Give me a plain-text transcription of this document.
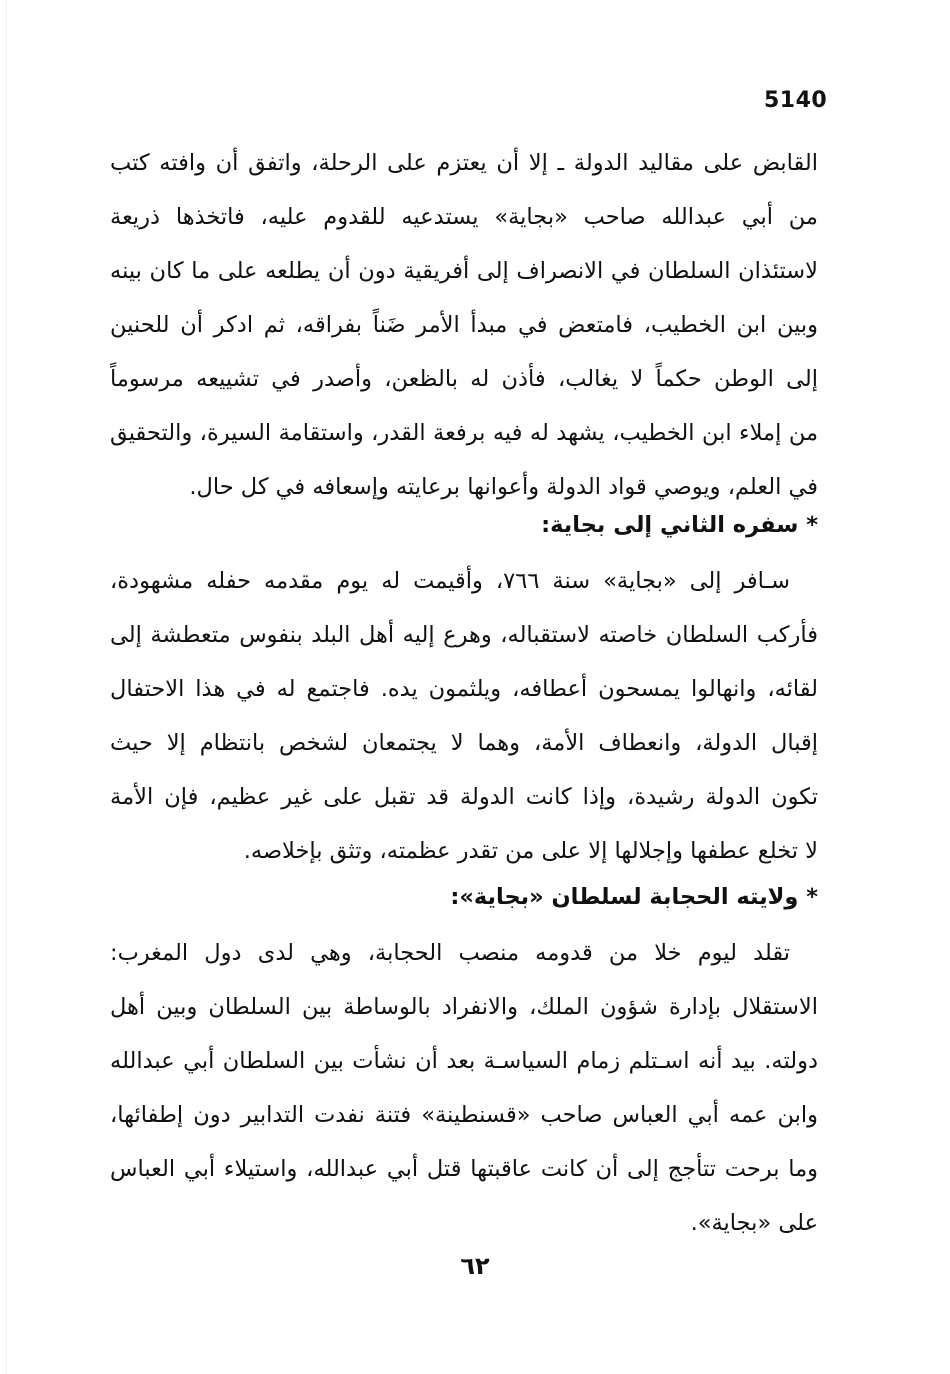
5140
القابض على مقاليد الدولة ـ إلا أن يعتزم على الرحلة، واتفق أن وافته كتب
من أبي عبدالله صاحب «بجاية» يستدعيه للقدوم عليه، فاتخذها ذريعة
لاستئذان السلطان في الانصراف إلى أفريقية دون أن يطلعه على ما كان بينه
وبين ابن الخطيب، فامتعض في مبدأ الأمر ضَناً بفراقه، ثم ادكر أن للحنين
إلى الوطن حكماً لا يغالب، فأذن له بالظعن، وأصدر في تشييعه مرسوماً
من إملاء ابن الخطيب، يشهد له فيه برفعة القدر، واستقامة السيرة، والتحقيق
في العلم، ويوصي قواد الدولة وأعوانها برعايته وإسعافه في كل حال.
* سفره الثاني إلى بجاية:
سـافر إلى «بجاية» سنة ٧٦٦، وأقيمت له يوم مقدمه حفله مشهودة،
فأركب السلطان خاصته لاستقباله، وهرع إليه أهل البلد بنفوس متعطشة إلى
لقائه، وانهالوا يمسحون أعطافه، ويلثمون يده. فاجتمع له في هذا الاحتفال
إقبال الدولة، وانعطاف الأمة، وهما لا يجتمعان لشخص بانتظام إلا حيث
تكون الدولة رشيدة، وإذا كانت الدولة قد تقبل على غير عظيم، فإن الأمة
لا تخلع عطفها وإجلالها إلا على من تقدر عظمته، وتثق بإخلاصه.
* ولايته الحجابة لسلطان «بجاية»:
تقلد ليوم خلا من قدومه منصب الحجابة، وهي لدى دول المغرب:
الاستقلال بإدارة شؤون الملك، والانفراد بالوساطة بين السلطان وبين أهل
دولته. بيد أنه اسـتلم زمام السياسـة بعد أن نشأت بين السلطان أبي عبدالله
وابن عمه أبي العباس صاحب «قسنطينة» فتنة نفدت التدابير دون إطفائها،
وما برحت تتأجج إلى أن كانت عاقبتها قتل أبي عبدالله، واستيلاء أبي العباس
على «بجاية».
٦٢
